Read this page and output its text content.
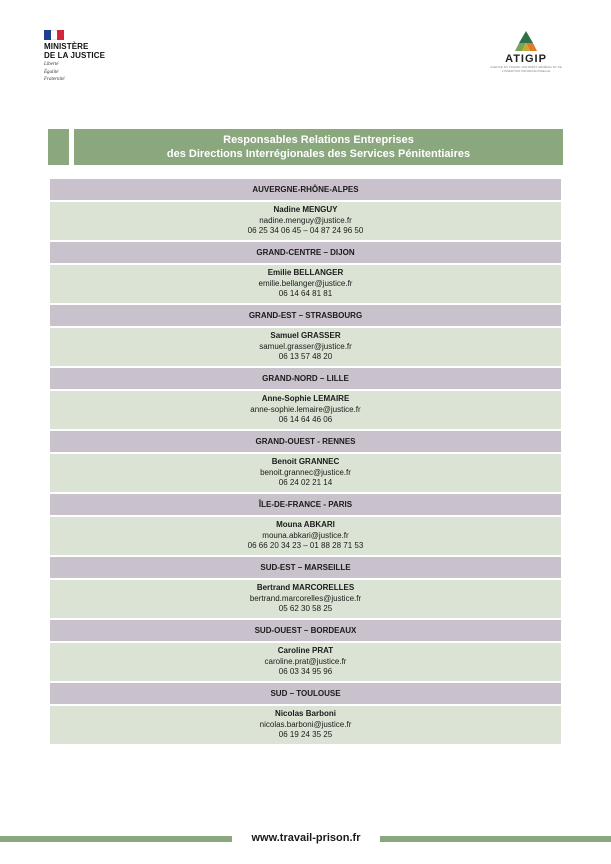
MINISTÈRE
DE LA JUSTICE
Liberté
Égalité
Fraternité
ATIGIP
AGENCE DU TRAVAIL D'INTÉRÊT GÉNÉRAL ET DE L'INSERTION PROFESSIONNELLE
Responsables Relations Entreprises
des Directions Interrégionales des Services Pénitentiaires
AUVERGNE-RHÔNE-ALPES
Nadine MENGUY
nadine.menguy@justice.fr
06 25 34 06 45 – 04 87 24 96 50
GRAND-CENTRE – DIJON
Emilie BELLANGER
emilie.bellanger@justice.fr
06 14 64 81 81
GRAND-EST – STRASBOURG
Samuel GRASSER
samuel.grasser@justice.fr
06 13 57 48 20
GRAND-NORD – LILLE
Anne-Sophie LEMAIRE
anne-sophie.lemaire@justice.fr
06 14 64 46 06
GRAND-OUEST - RENNES
Benoit GRANNEC
benoit.grannec@justice.fr
06 24 02 21 14
ÎLE-DE-FRANCE - PARIS
Mouna ABKARI
mouna.abkari@justice.fr
06 66 20 34 23 – 01 88 28 71 53
SUD-EST – MARSEILLE
Bertrand MARCORELLES
bertrand.marcorelles@justice.fr
05 62 30 58 25
SUD-OUEST – BORDEAUX
Caroline PRAT
caroline.prat@justice.fr
06 03 34 95 96
SUD – TOULOUSE
Nicolas Barboni
nicolas.barboni@justice.fr
06 19 24 35 25
www.travail-prison.fr
